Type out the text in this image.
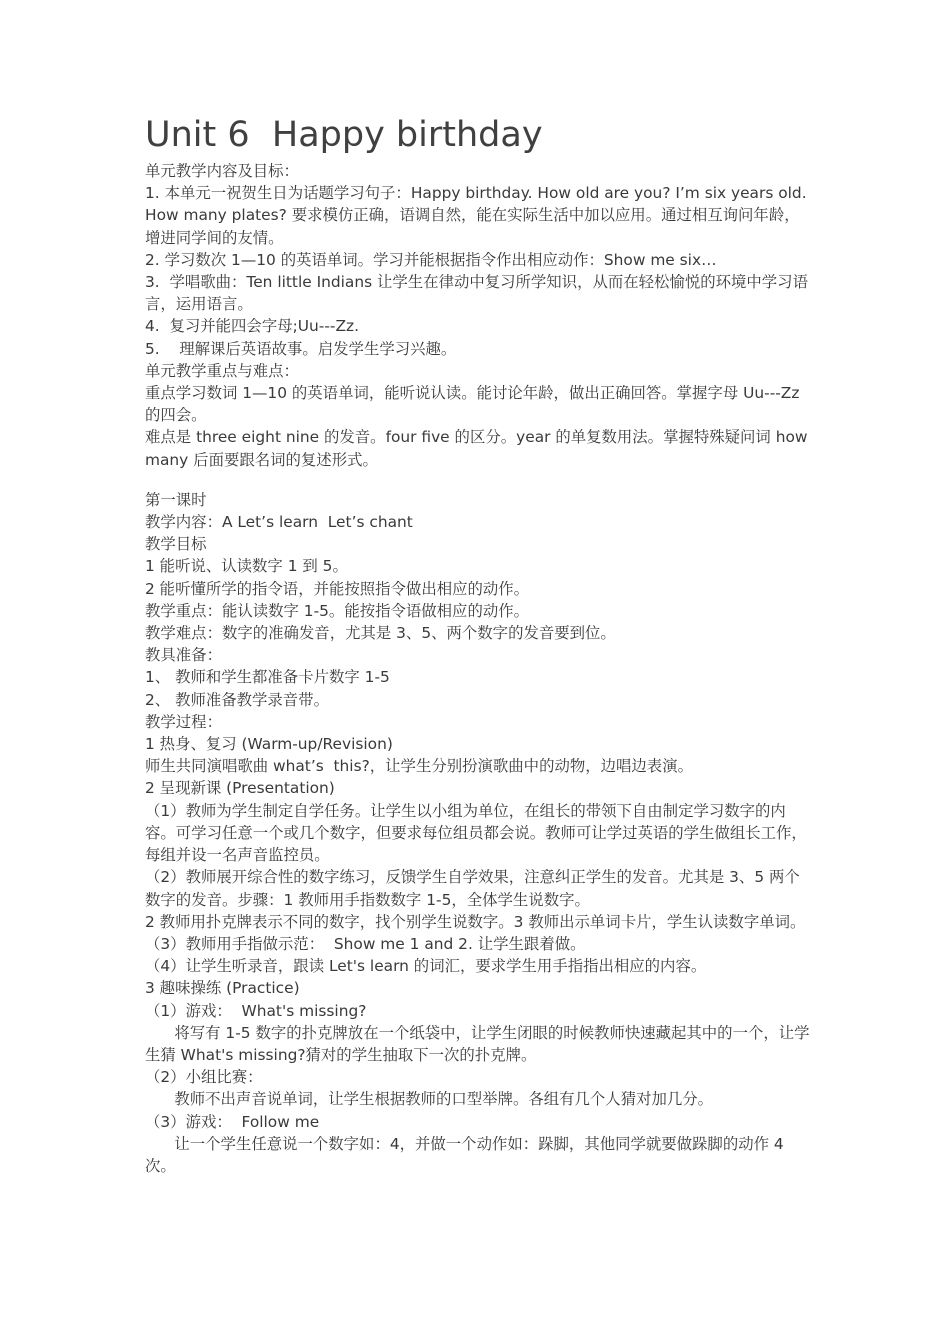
Unit 6  Happy birthday

单元教学内容及目标：

1. 本单元一祝贺生日为话题学习句子：Happy birthday. How old are you? I’m six years old. How many plates? 要求模仿正确，语调自然，能在实际生活中加以应用。通过相互询问年龄，增进同学间的友情。

2. 学习数次 1—10 的英语单词。学习并能根据指令作出相应动作：Show me six…

3.  学唱歌曲：Ten little Indians 让学生在律动中复习所学知识，从而在轻松愉悦的环境中学习语言，运用语言。

4.  复习并能四会字母;Uu---Zz.

5.    理解课后英语故事。启发学生学习兴趣。

单元教学重点与难点：

重点学习数词 1—10 的英语单词，能听说认读。能讨论年龄，做出正确回答。掌握字母 Uu---Zz 的四会。

难点是 three eight nine 的发音。four five 的区分。year 的单复数用法。掌握特殊疑问词 how many 后面要跟名词的复述形式。

第一课时

教学内容：A Let’s learn  Let’s chant

教学目标

1 能听说、认读数字 1 到 5。

2 能听懂所学的指令语，并能按照指令做出相应的动作。

教学重点：能认读数字 1-5。能按指令语做相应的动作。

教学难点：数字的准确发音，尤其是 3、5、两个数字的发音要到位。

教具准备：

1、 教师和学生都准备卡片数字 1-5

2、 教师准备教学录音带。

教学过程：

1 热身、复习 (Warm-up/Revision)

师生共同演唱歌曲 what’s  this?，让学生分别扮演歌曲中的动物，边唱边表演。

2 呈现新课 (Presentation)

（1）教师为学生制定自学任务。让学生以小组为单位，在组长的带领下自由制定学习数字的内容。可学习任意一个或几个数字，但要求每位组员都会说。教师可让学过英语的学生做组长工作，每组并设一名声音监控员。

（2）教师展开综合性的数字练习，反馈学生自学效果，注意纠正学生的发音。尤其是 3、5 两个数字的发音。步骤：1 教师用手指数数字 1-5，全体学生说数字。

2 教师用扑克牌表示不同的数字，找个别学生说数字。3 教师出示单词卡片，学生认读数字单词。

（3）教师用手指做示范：  Show me 1 and 2. 让学生跟着做。

（4）让学生听录音，跟读 Let's learn 的词汇，要求学生用手指指出相应的内容。

3 趣味操练 (Practice)

（1）游戏：  What's missing?

将写有 1-5 数字的扑克牌放在一个纸袋中，让学生闭眼的时候教师快速藏起其中的一个，让学生猜 What's missing?猜对的学生抽取下一次的扑克牌。

（2）小组比赛：

教师不出声音说单词，让学生根据教师的口型举牌。各组有几个人猜对加几分。

（3）游戏：  Follow me

让一个学生任意说一个数字如：4，并做一个动作如：跺脚，其他同学就要做跺脚的动作 4 次。
